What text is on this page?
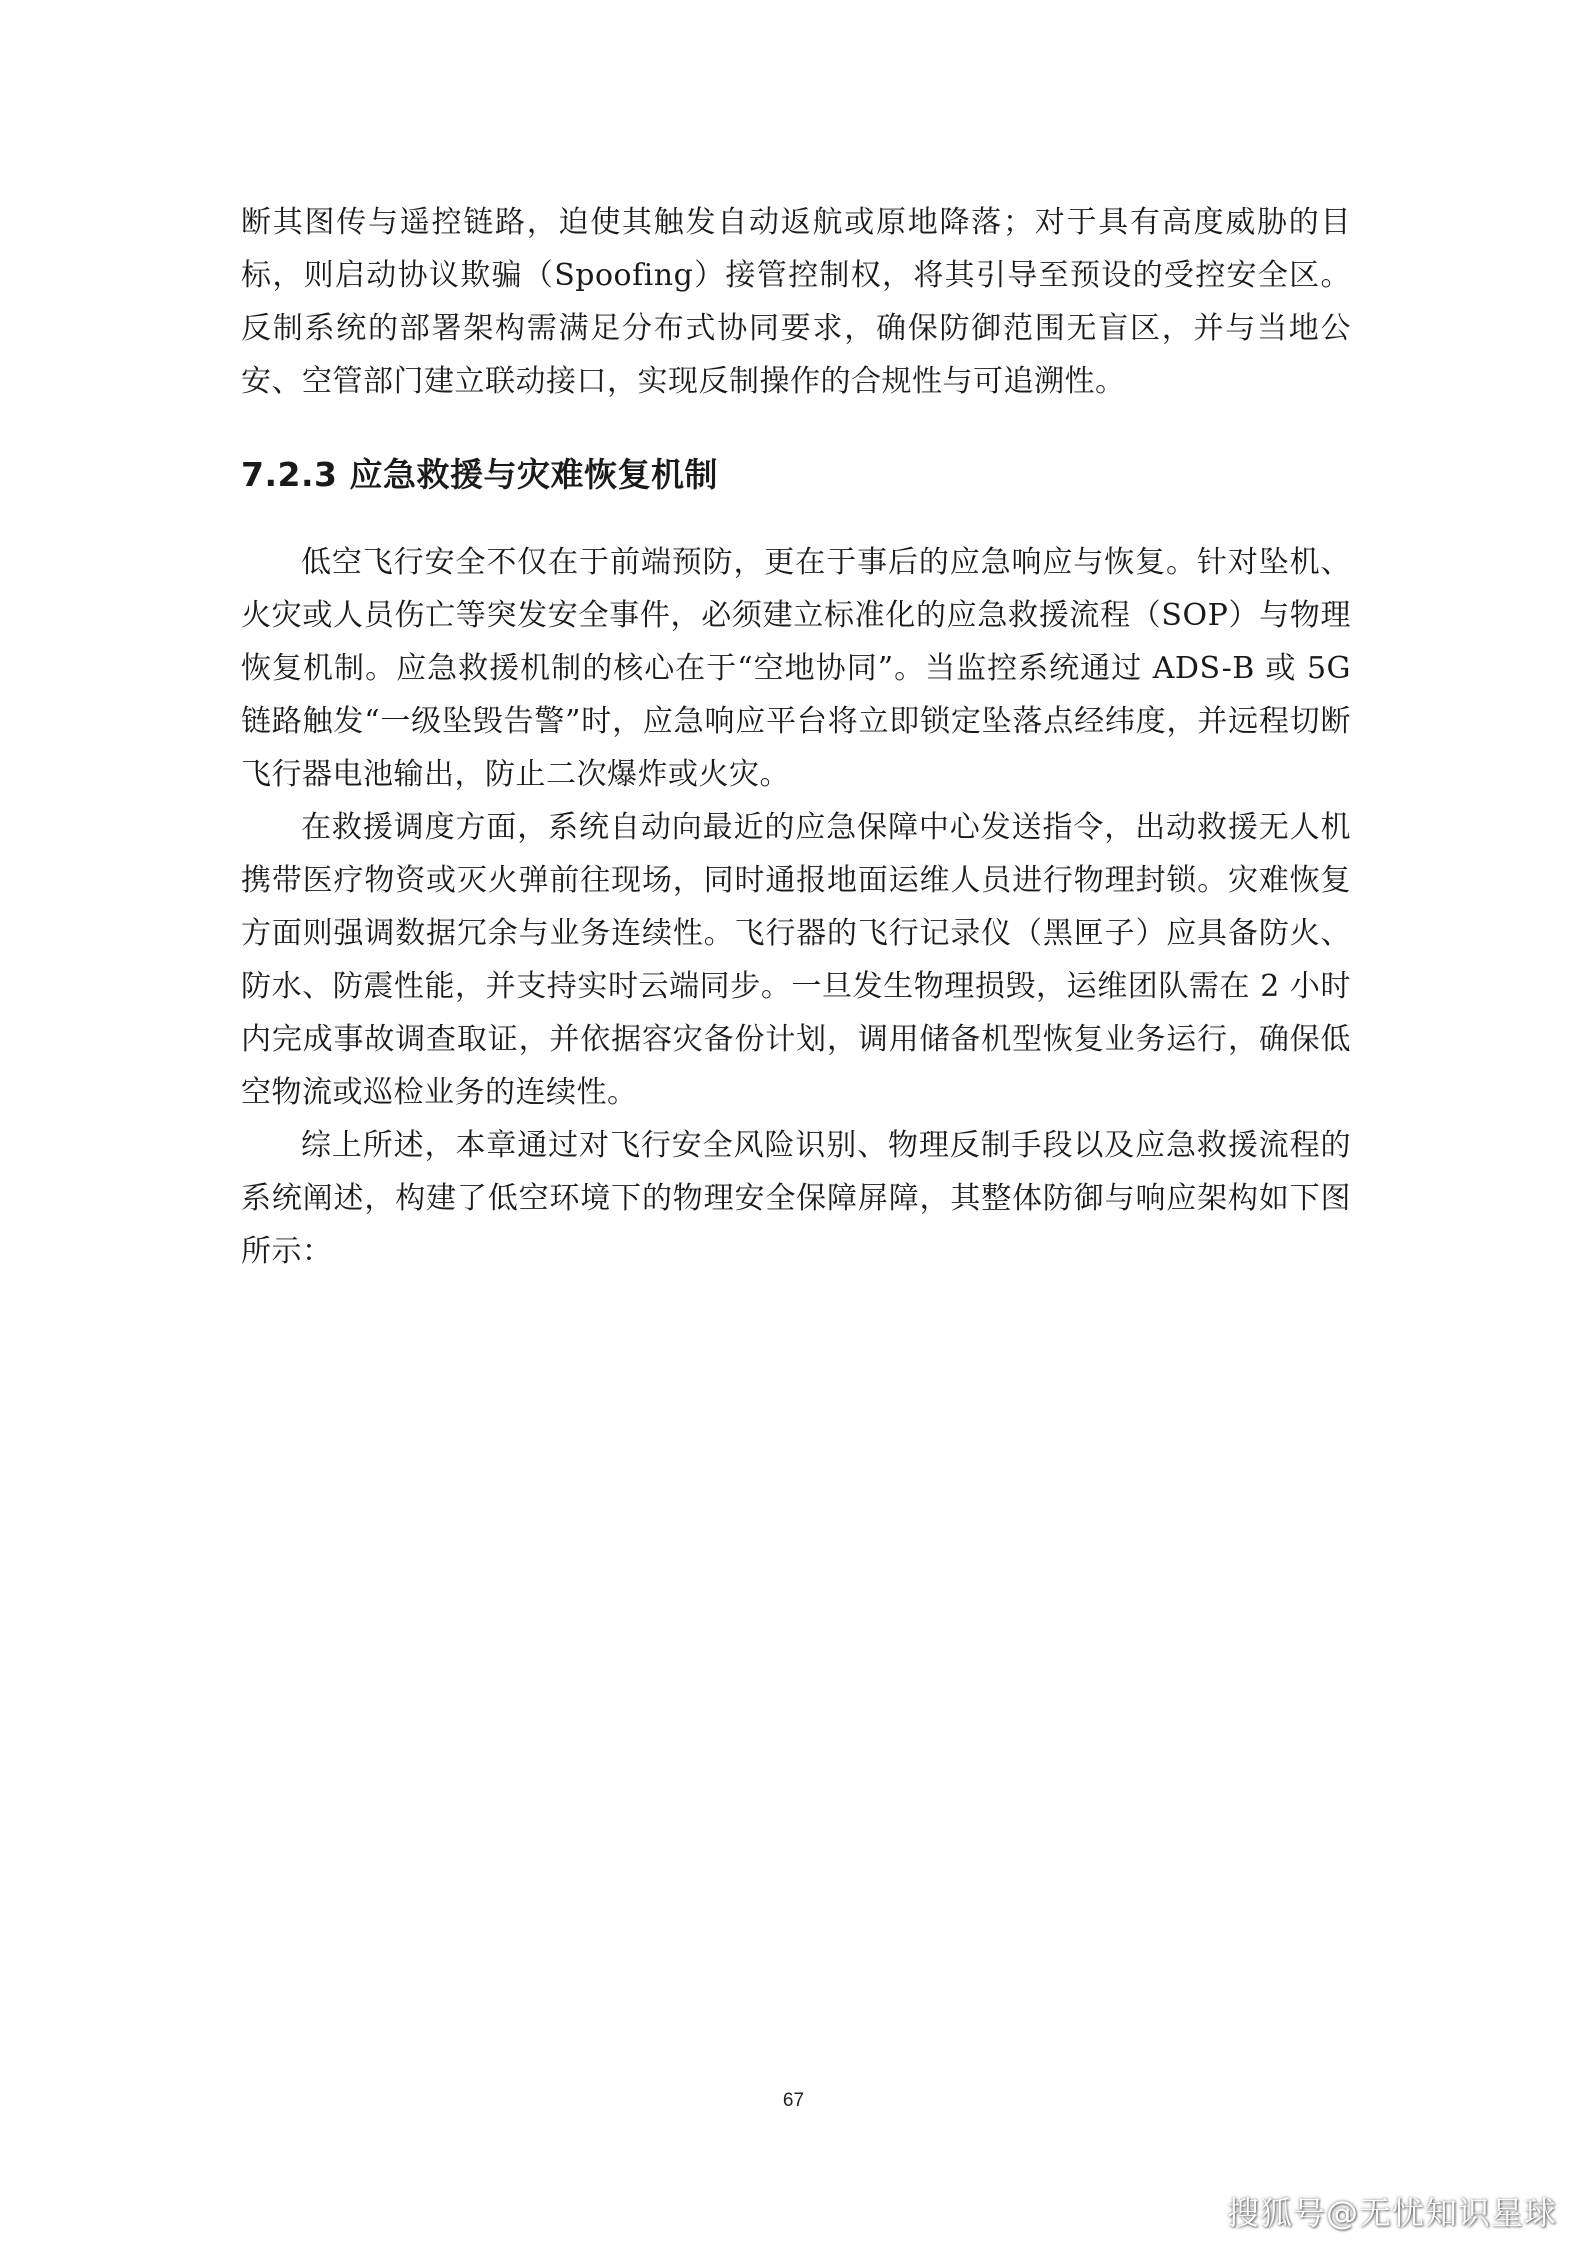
断其图传与遥控链路，迫使其触发自动返航或原地降落；对于具有高度威胁的目标，则启动协议欺骗（Spoofing）接管控制权，将其引导至预设的受控安全区。反制系统的部署架构需满足分布式协同要求，确保防御范围无盲区，并与当地公安、空管部门建立联动接口，实现反制操作的合规性与可追溯性。

7.2.3 应急救援与灾难恢复机制

低空飞行安全不仅在于前端预防，更在于事后的应急响应与恢复。针对坠机、火灾或人员伤亡等突发安全事件，必须建立标准化的应急救援流程（SOP）与物理恢复机制。应急救援机制的核心在于“空地协同”。当监控系统通过 ADS-B 或 5G 链路触发“一级坠毁告警”时，应急响应平台将立即锁定坠落点经纬度，并远程切断飞行器电池输出，防止二次爆炸或火灾。

在救援调度方面，系统自动向最近的应急保障中心发送指令，出动救援无人机携带医疗物资或灭火弹前往现场，同时通报地面运维人员进行物理封锁。灾难恢复方面则强调数据冗余与业务连续性。飞行器的飞行记录仪（黑匣子）应具备防火、防水、防震性能，并支持实时云端同步。一旦发生物理损毁，运维团队需在 2 小时内完成事故调查取证，并依据容灾备份计划，调用储备机型恢复业务运行，确保低空物流或巡检业务的连续性。

综上所述，本章通过对飞行安全风险识别、物理反制手段以及应急救援流程的系统阐述，构建了低空环境下的物理安全保障屏障，其整体防御与响应架构如下图所示：

67
搜狐号@无忧知识星球
